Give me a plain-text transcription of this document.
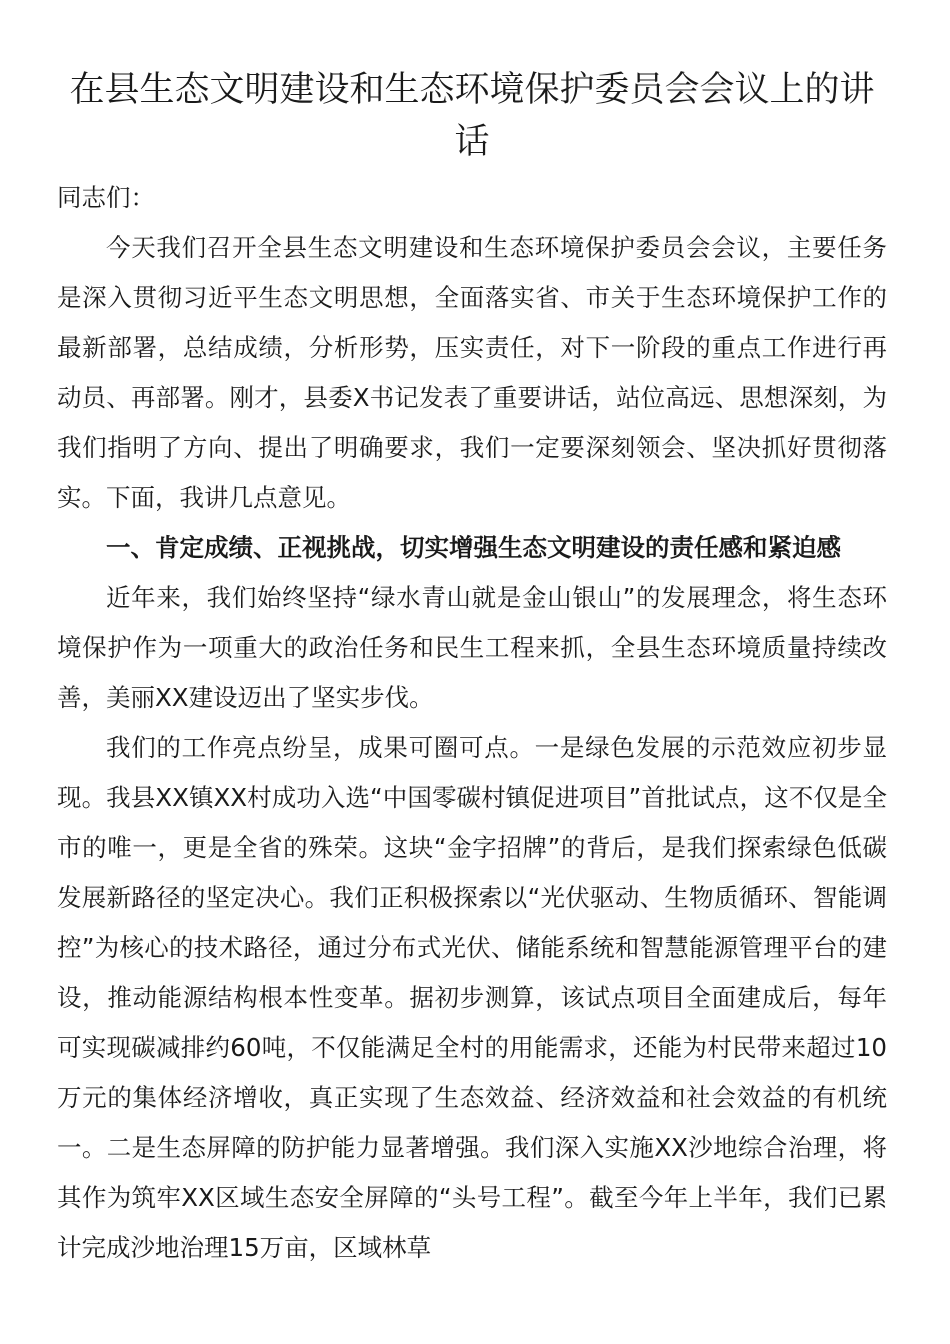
在县生态文明建设和生态环境保护委员会会议上的讲话

同志们：

今天我们召开全县生态文明建设和生态环境保护委员会会议，主要任务是深入贯彻习近平生态文明思想，全面落实省、市关于生态环境保护工作的最新部署，总结成绩，分析形势，压实责任，对下一阶段的重点工作进行再动员、再部署。刚才，县委X书记发表了重要讲话，站位高远、思想深刻，为我们指明了方向、提出了明确要求，我们一定要深刻领会、坚决抓好贯彻落实。下面，我讲几点意见。

一、肯定成绩、正视挑战，切实增强生态文明建设的责任感和紧迫感

近年来，我们始终坚持“绿水青山就是金山银山”的发展理念，将生态环境保护作为一项重大的政治任务和民生工程来抓，全县生态环境质量持续改善，美丽XX建设迈出了坚实步伐。

我们的工作亮点纷呈，成果可圈可点。一是绿色发展的示范效应初步显现。我县XX镇XX村成功入选“中国零碳村镇促进项目”首批试点，这不仅是全市的唯一，更是全省的殊荣。这块“金字招牌”的背后，是我们探索绿色低碳发展新路径的坚定决心。我们正积极探索以“光伏驱动、生物质循环、智能调控”为核心的技术路径，通过分布式光伏、储能系统和智慧能源管理平台的建设，推动能源结构根本性变革。据初步测算，该试点项目全面建成后，每年可实现碳减排约60吨，不仅能满足全村的用能需求，还能为村民带来超过10万元的集体经济增收，真正实现了生态效益、经济效益和社会效益的有机统一。二是生态屏障的防护能力显著增强。我们深入实施XX沙地综合治理，将其作为筑牢XX区域生态安全屏障的“头号工程”。截至今年上半年，我们已累计完成沙地治理15万亩，区域林草
